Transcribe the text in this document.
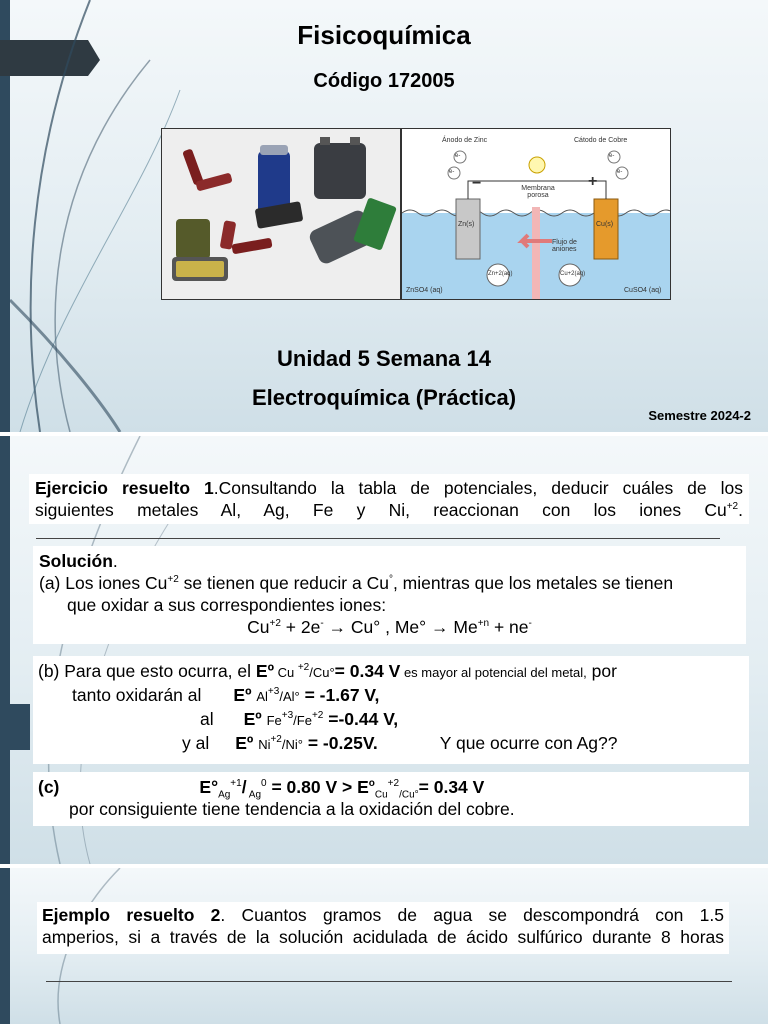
Fisicoquímica
Código 172005
Ánodo de Zinc	Cátodo de Cobre
−	+
Membrana porosa
Flujo de aniones
Zn(s)	Cu(s)
Zn+2(aq)	Cu+2(aq)
ZnSO4 (aq)	CuSO4 (aq)
e-
e-
e-
e-
Unidad 5 Semana 14
Electroquímica (Práctica)
Semestre 2024-2
Ejercicio resuelto 1.Consultando la tabla de potenciales, deducir cuáles de los
siguientes metales Al, Ag, Fe y Ni, reaccionan con los iones $Cu^{+2}$.
Solución.
(a) Los iones $Cu^{+2}$ se tienen que reducir a Cu°, mientras que los metales se tienen
que oxidar a sus correspondientes iones:
$Cu^{+2} + 2e^- \to Cu^\circ$ , $Me^\circ \to Me^{+n} + ne^-$
(b) Para que esto ocurra, el Eº Cu $^{+2}$/Cu°= 0.34 V es mayor al potencial del metal, por
tanto oxidarán al Eº $Al^{+3}/Al^\circ = -1.67$ V,
al Eº $Fe^{+3}/Fe^{+2} =-0.44$ V,
y al Eº $Ni^{+2}/Ni^\circ = -0.25V$.	Y que ocurre con Ag??
(c)	$E^\circ_{Ag}^{+1}/$ $_{Ag}^0$ = 0.80 $V > E^o_{Cu}^{+2}_{/Cu^\circ}= 0.34$ V
por consiguiente tiene tendencia a la oxidación del cobre.
Ejemplo resuelto 2. Cuantos gramos de agua se descompondrá con 1.5
amperios, si a través de la solución acidulada de ácido sulfúrico durante 8 horas
